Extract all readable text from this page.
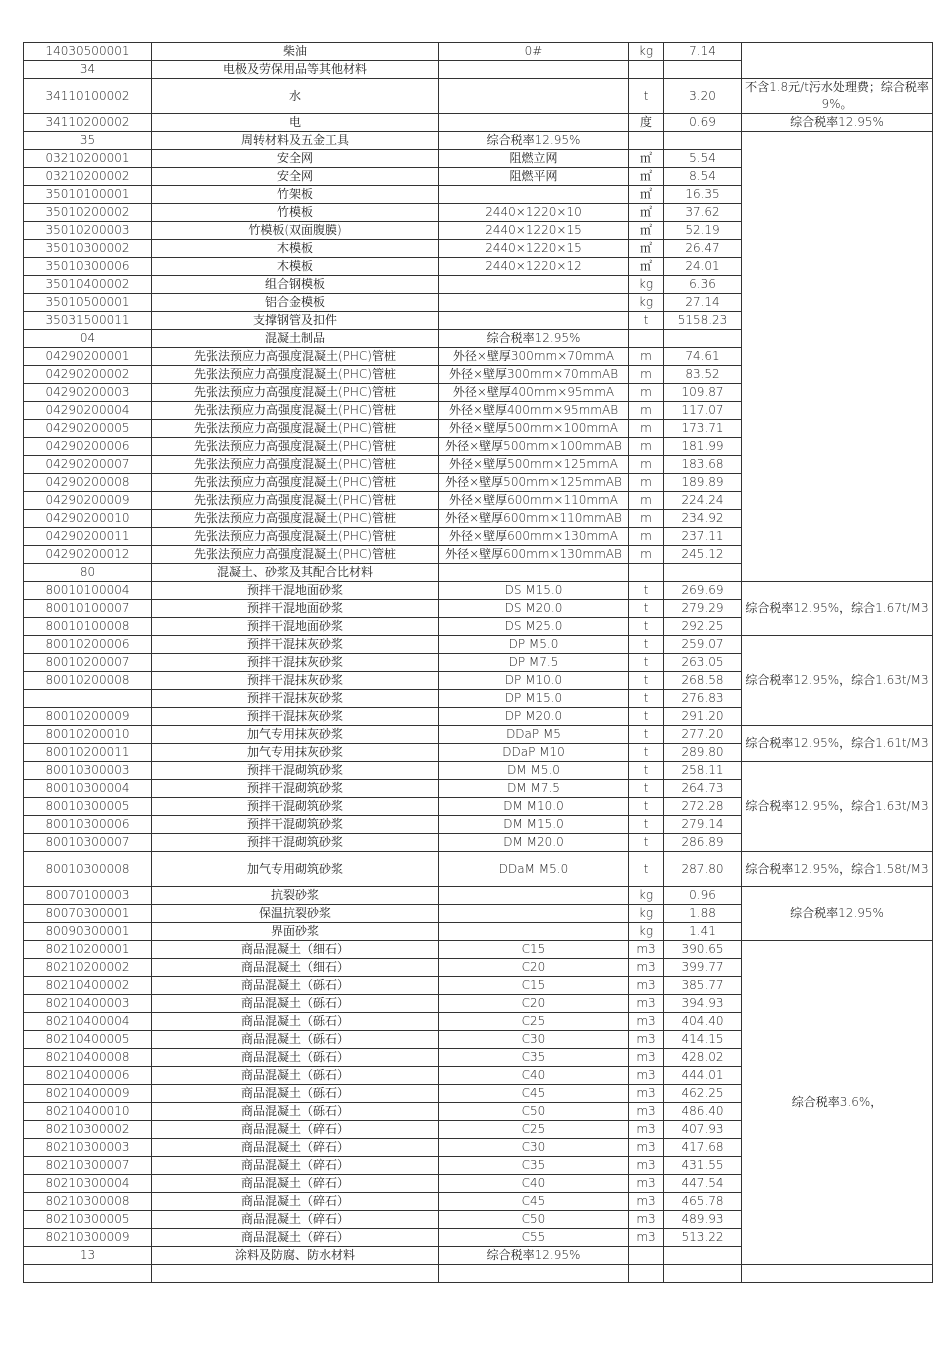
14030500001	柴油	0#	kg	7.14	
34	电极及劳保用品等其他材料				
34110100002	水		t	3.20	不含1.8元/t污水处理费；综合税率9%。
34110200002	电		度	0.69	综合税率12.95%
35	周转材料及五金工具	综合税率12.95%			
03210200001	安全网	阻燃立网	㎡	5.54	
03210200002	安全网	阻燃平网	㎡	8.54	
35010100001	竹架板		㎡	16.35	
35010200002	竹模板	2440×1220×10	㎡	37.62	
35010200003	竹模板(双面腹膜)	2440×1220×15	㎡	52.19	
35010300002	木模板	2440×1220×15	㎡	26.47	
35010300006	木模板	2440×1220×12	㎡	24.01	
35010400002	组合钢模板		kg	6.36	
35010500001	铝合金模板		kg	27.14	
35031500011	支撑钢管及扣件		t	5158.23	
04	混凝土制品	综合税率12.95%			
04290200001	先张法预应力高强度混凝土(PHC)管桩	外径×壁厚300mm×70mmA	m	74.61	
04290200002	先张法预应力高强度混凝土(PHC)管桩	外径×壁厚300mm×70mmAB	m	83.52	
04290200003	先张法预应力高强度混凝土(PHC)管桩	外径×壁厚400mm×95mmA	m	109.87	
04290200004	先张法预应力高强度混凝土(PHC)管桩	外径×壁厚400mm×95mmAB	m	117.07	
04290200005	先张法预应力高强度混凝土(PHC)管桩	外径×壁厚500mm×100mmA	m	173.71	
04290200006	先张法预应力高强度混凝土(PHC)管桩	外径×壁厚500mm×100mmAB	m	181.99	
04290200007	先张法预应力高强度混凝土(PHC)管桩	外径×壁厚500mm×125mmA	m	183.68	
04290200008	先张法预应力高强度混凝土(PHC)管桩	外径×壁厚500mm×125mmAB	m	189.89	
04290200009	先张法预应力高强度混凝土(PHC)管桩	外径×壁厚600mm×110mmA	m	224.24	
04290200010	先张法预应力高强度混凝土(PHC)管桩	外径×壁厚600mm×110mmAB	m	234.92	
04290200011	先张法预应力高强度混凝土(PHC)管桩	外径×壁厚600mm×130mmA	m	237.11	
04290200012	先张法预应力高强度混凝土(PHC)管桩	外径×壁厚600mm×130mmAB	m	245.12	
80	混凝土、砂浆及其配合比材料				
80010100004	预拌干混地面砂浆	DS M15.0	t	269.69	综合税率12.95%，综合1.67t/M3
80010100007	预拌干混地面砂浆	DS M20.0	t	279.29	
80010100008	预拌干混地面砂浆	DS M25.0	t	292.25	
80010200006	预拌干混抹灰砂浆	DP M5.0	t	259.07	综合税率12.95%，综合1.63t/M3
80010200007	预拌干混抹灰砂浆	DP M7.5	t	263.05	
80010200008	预拌干混抹灰砂浆	DP M10.0	t	268.58	
	预拌干混抹灰砂浆	DP M15.0	t	276.83	
80010200009	预拌干混抹灰砂浆	DP M20.0	t	291.20	
80010200010	加气专用抹灰砂浆	DDaP M5	t	277.20	综合税率12.95%，综合1.61t/M3
80010200011	加气专用抹灰砂浆	DDaP M10	t	289.80	
80010300003	预拌干混砌筑砂浆	DM M5.0	t	258.11	综合税率12.95%，综合1.63t/M3
80010300004	预拌干混砌筑砂浆	DM M7.5	t	264.73	
80010300005	预拌干混砌筑砂浆	DM M10.0	t	272.28	
80010300006	预拌干混砌筑砂浆	DM M15.0	t	279.14	
80010300007	预拌干混砌筑砂浆	DM M20.0	t	286.89	
80010300008	加气专用砌筑砂浆	DDaM M5.0	t	287.80	综合税率12.95%，综合1.58t/M3
80070100003	抗裂砂浆		kg	0.96	综合税率12.95%
80070300001	保温抗裂砂浆		kg	1.88	
80090300001	界面砂浆		kg	1.41	
80210200001	商品混凝土（细石）	C15	m3	390.65	综合税率3.6%，
80210200002	商品混凝土（细石）	C20	m3	399.77	
80210400002	商品混凝土（砾石）	C15	m3	385.77	
80210400003	商品混凝土（砾石）	C20	m3	394.93	
80210400004	商品混凝土（砾石）	C25	m3	404.40	
80210400005	商品混凝土（砾石）	C30	m3	414.15	
80210400008	商品混凝土（砾石）	C35	m3	428.02	
80210400006	商品混凝土（砾石）	C40	m3	444.01	
80210400009	商品混凝土（砾石）	C45	m3	462.25	
80210400010	商品混凝土（砾石）	C50	m3	486.40	
80210300002	商品混凝土（碎石）	C25	m3	407.93	
80210300003	商品混凝土（碎石）	C30	m3	417.68	
80210300007	商品混凝土（碎石）	C35	m3	431.55	
80210300004	商品混凝土（碎石）	C40	m3	447.54	
80210300008	商品混凝土（碎石）	C45	m3	465.78	
80210300005	商品混凝土（碎石）	C50	m3	489.93	
80210300009	商品混凝土（碎石）	C55	m3	513.22	
13	涂料及防腐、防水材料	综合税率12.95%			
